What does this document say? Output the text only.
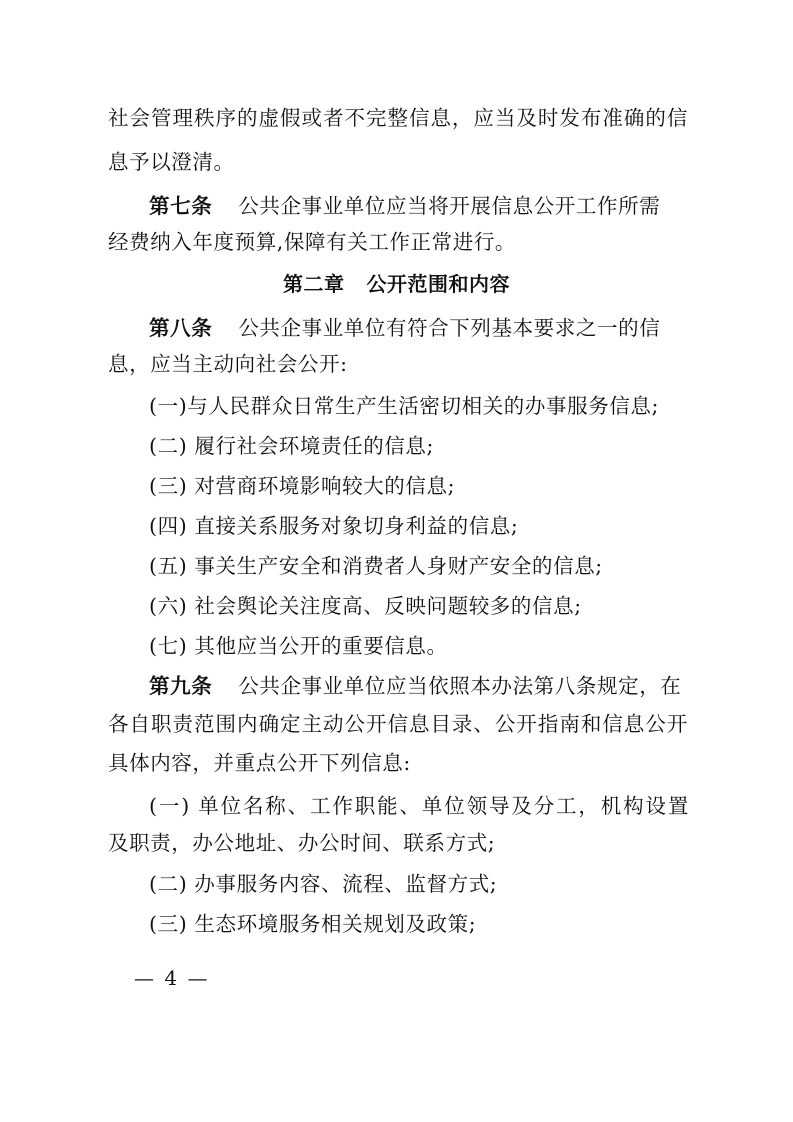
社会管理秩序的虚假或者不完整信息，应当及时发布准确的信
息予以澄清。
第七条 公共企事业单位应当将开展信息公开工作所需
经费纳入年度预算,保障有关工作正常进行。
第二章 公开范围和内容
第八条 公共企事业单位有符合下列基本要求之一的信
息，应当主动向社会公开:
(一)与人民群众日常生产生活密切相关的办事服务信息;
(二) 履行社会环境责任的信息;
(三) 对营商环境影响较大的信息;
(四) 直接关系服务对象切身利益的信息;
(五) 事关生产安全和消费者人身财产安全的信息;
(六) 社会舆论关注度高、反映问题较多的信息;
(七) 其他应当公开的重要信息。
第九条 公共企事业单位应当依照本办法第八条规定，在
各自职责范围内确定主动公开信息目录、公开指南和信息公开
具体内容，并重点公开下列信息:
(一) 单位名称、工作职能、单位领导及分工，机构设置
及职责，办公地址、办公时间、联系方式;
(二) 办事服务内容、流程、监督方式;
(三) 生态环境服务相关规划及政策;
— 4 —
